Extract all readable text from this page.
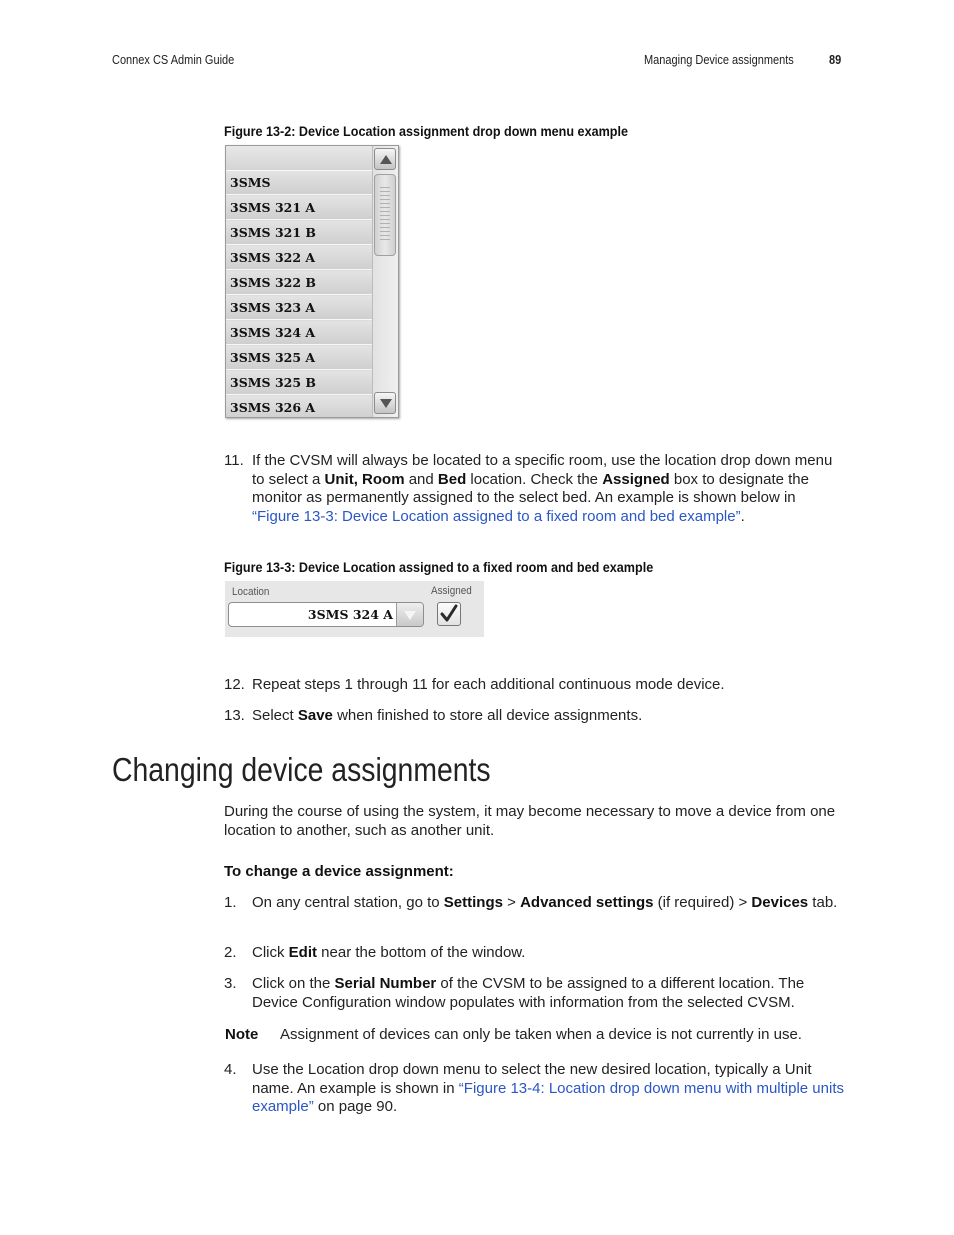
Connex CS Admin Guide	Managing Device assignments	89
Figure 13-2: Device Location assignment drop down menu example
3SMS
3SMS 321 A
3SMS 321 B
3SMS 322 A
3SMS 322 B
3SMS 323 A
3SMS 324 A
3SMS 325 A
3SMS 325 B
3SMS 326 A
11. If the CVSM will always be located to a specific room, use the location drop down menu to select a Unit, Room and Bed location. Check the Assigned box to designate the monitor as permanently assigned to the select bed. An example is shown below in “Figure 13-3: Device Location assigned to a fixed room and bed example”.
Figure 13-3: Device Location assigned to a fixed room and bed example
Location	Assigned
3SMS 324 A
12. Repeat steps 1 through 11 for each additional continuous mode device.
13. Select Save when finished to store all device assignments.
Changing device assignments
During the course of using the system, it may become necessary to move a device from one location to another, such as another unit.
To change a device assignment:
1. On any central station, go to Settings > Advanced settings (if required) > Devices tab.
2. Click Edit near the bottom of the window.
3. Click on the Serial Number of the CVSM to be assigned to a different location. The Device Configuration window populates with information from the selected CVSM.
Note Assignment of devices can only be taken when a device is not currently in use.
4. Use the Location drop down menu to select the new desired location, typically a Unit name. An example is shown in “Figure 13-4: Location drop down menu with multiple units example” on page 90.
